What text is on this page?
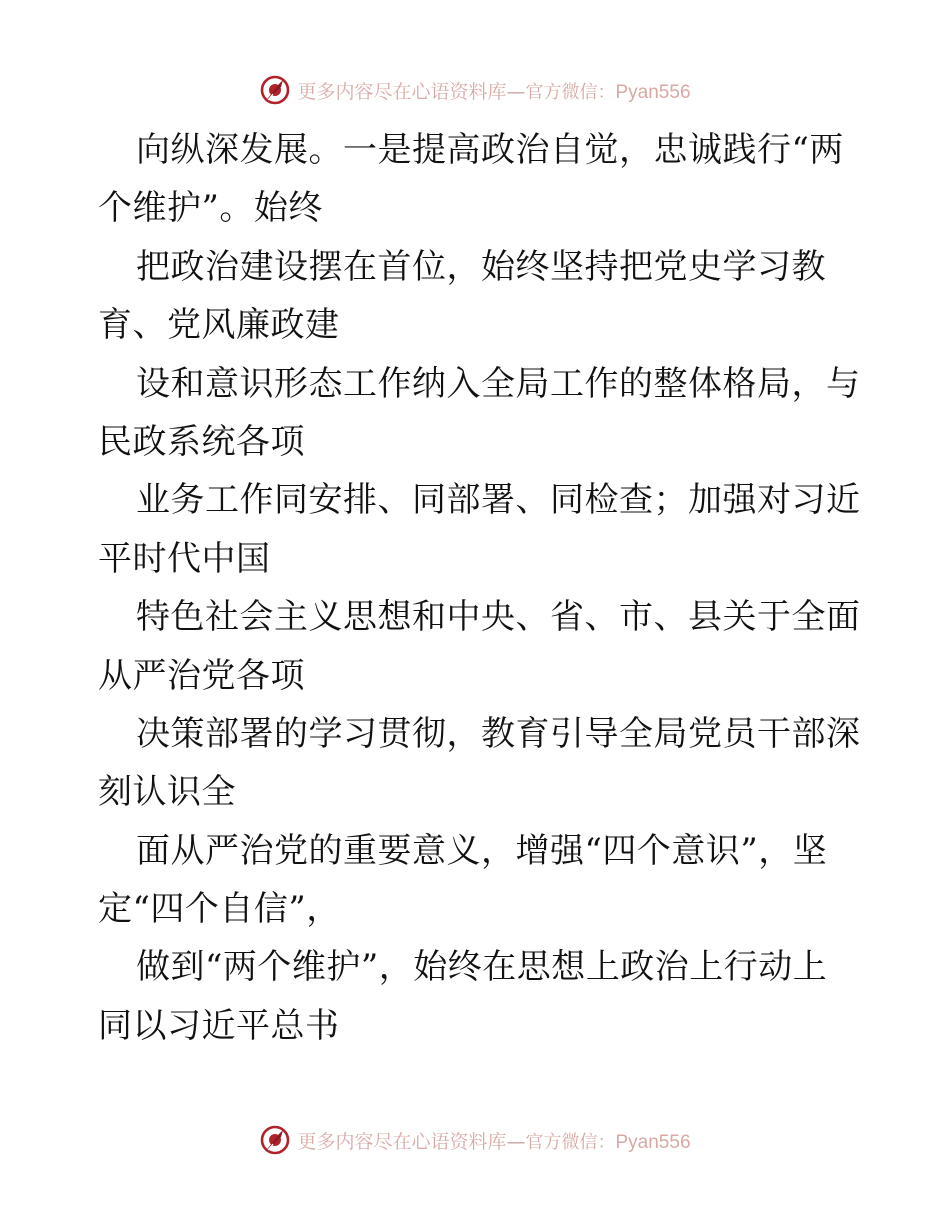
更多内容尽在心语资料库—官方微信：Pyan556
向纵深发展。一是提高政治自觉，忠诚践行“两
个维护”。始终
把政治建设摆在首位，始终坚持把党史学习教
育、党风廉政建
设和意识形态工作纳入全局工作的整体格局，与
民政系统各项
业务工作同安排、同部署、同检查；加强对习近
平时代中国
特色社会主义思想和中央、省、市、县关于全面
从严治党各项
决策部署的学习贯彻，教育引导全局党员干部深
刻认识全
面从严治党的重要意义，增强“四个意识”，坚
定“四个自信”，
做到“两个维护”，始终在思想上政治上行动上
同以习近平总书
更多内容尽在心语资料库—官方微信：Pyan556
